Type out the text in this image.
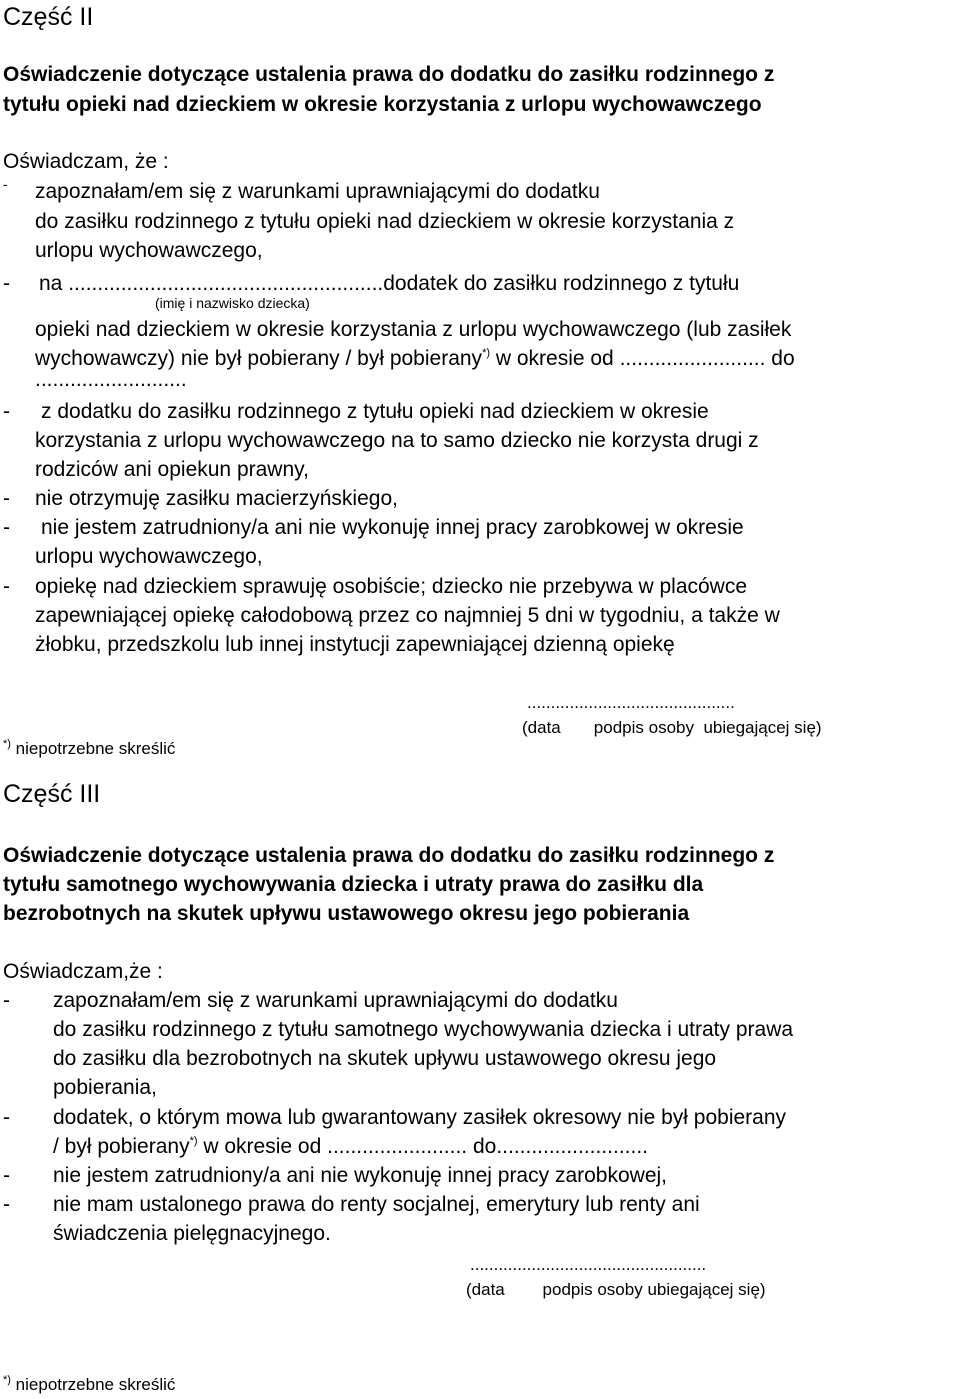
Część II
Oświadczenie dotyczące ustalenia prawa do dodatku do zasiłku rodzinnego z
tytułu opieki nad dzieckiem w okresie korzystania z urlopu wychowawczego
Oświadczam, że :
- zapoznałam/em się z warunkami uprawniającymi do dodatku
do zasiłku rodzinnego z tytułu opieki nad dzieckiem w okresie korzystania z
urlopu wychowawczego,
- na ......................................................dodatek do zasiłku rodzinnego z tytułu
(imię i nazwisko dziecka)
opieki nad dzieckiem w okresie korzystania z urlopu wychowawczego (lub zasiłek
wychowawczy) nie był pobierany / był pobierany*) w okresie od ......................... do
..........................
- z dodatku do zasiłku rodzinnego z tytułu opieki nad dzieckiem w okresie
korzystania z urlopu wychowawczego na to samo dziecko nie korzysta drugi z
rodziców ani opiekun prawny,
- nie otrzymuję zasiłku macierzyńskiego,
- nie jestem zatrudniony/a ani nie wykonuję innej pracy zarobkowej w okresie
urlopu wychowawczego,
- opiekę nad dzieckiem sprawuję osobiście; dziecko nie przebywa w placówce
zapewniającej opiekę całodobową przez co najmniej 5 dni w tygodniu, a także w
żłobku, przedszkolu lub innej instytucji zapewniającej dzienną opiekę
............................................
(data       podpis osoby  ubiegającej się)
*) niepotrzebne skreślić
Część III
Oświadczenie dotyczące ustalenia prawa do dodatku do zasiłku rodzinnego z
tytułu samotnego wychowywania dziecka i utraty prawa do zasiłku dla
bezrobotnych na skutek upływu ustawowego okresu jego pobierania
Oświadczam,że :
- zapoznałam/em się z warunkami uprawniającymi do dodatku
do zasiłku rodzinnego z tytułu samotnego wychowywania dziecka i utraty prawa
do zasiłku dla bezrobotnych na skutek upływu ustawowego okresu jego
pobierania,
- dodatek, o którym mowa lub gwarantowany zasiłek okresowy nie był pobierany
/ był pobierany*) w okresie od ........................ do..........................
- nie jestem zatrudniony/a ani nie wykonuję innej pracy zarobkowej,
- nie mam ustalonego prawa do renty socjalnej, emerytury lub renty ani
świadczenia pielęgnacyjnego.
..................................................
(data        podpis osoby ubiegającej się)
*) niepotrzebne skreślić
